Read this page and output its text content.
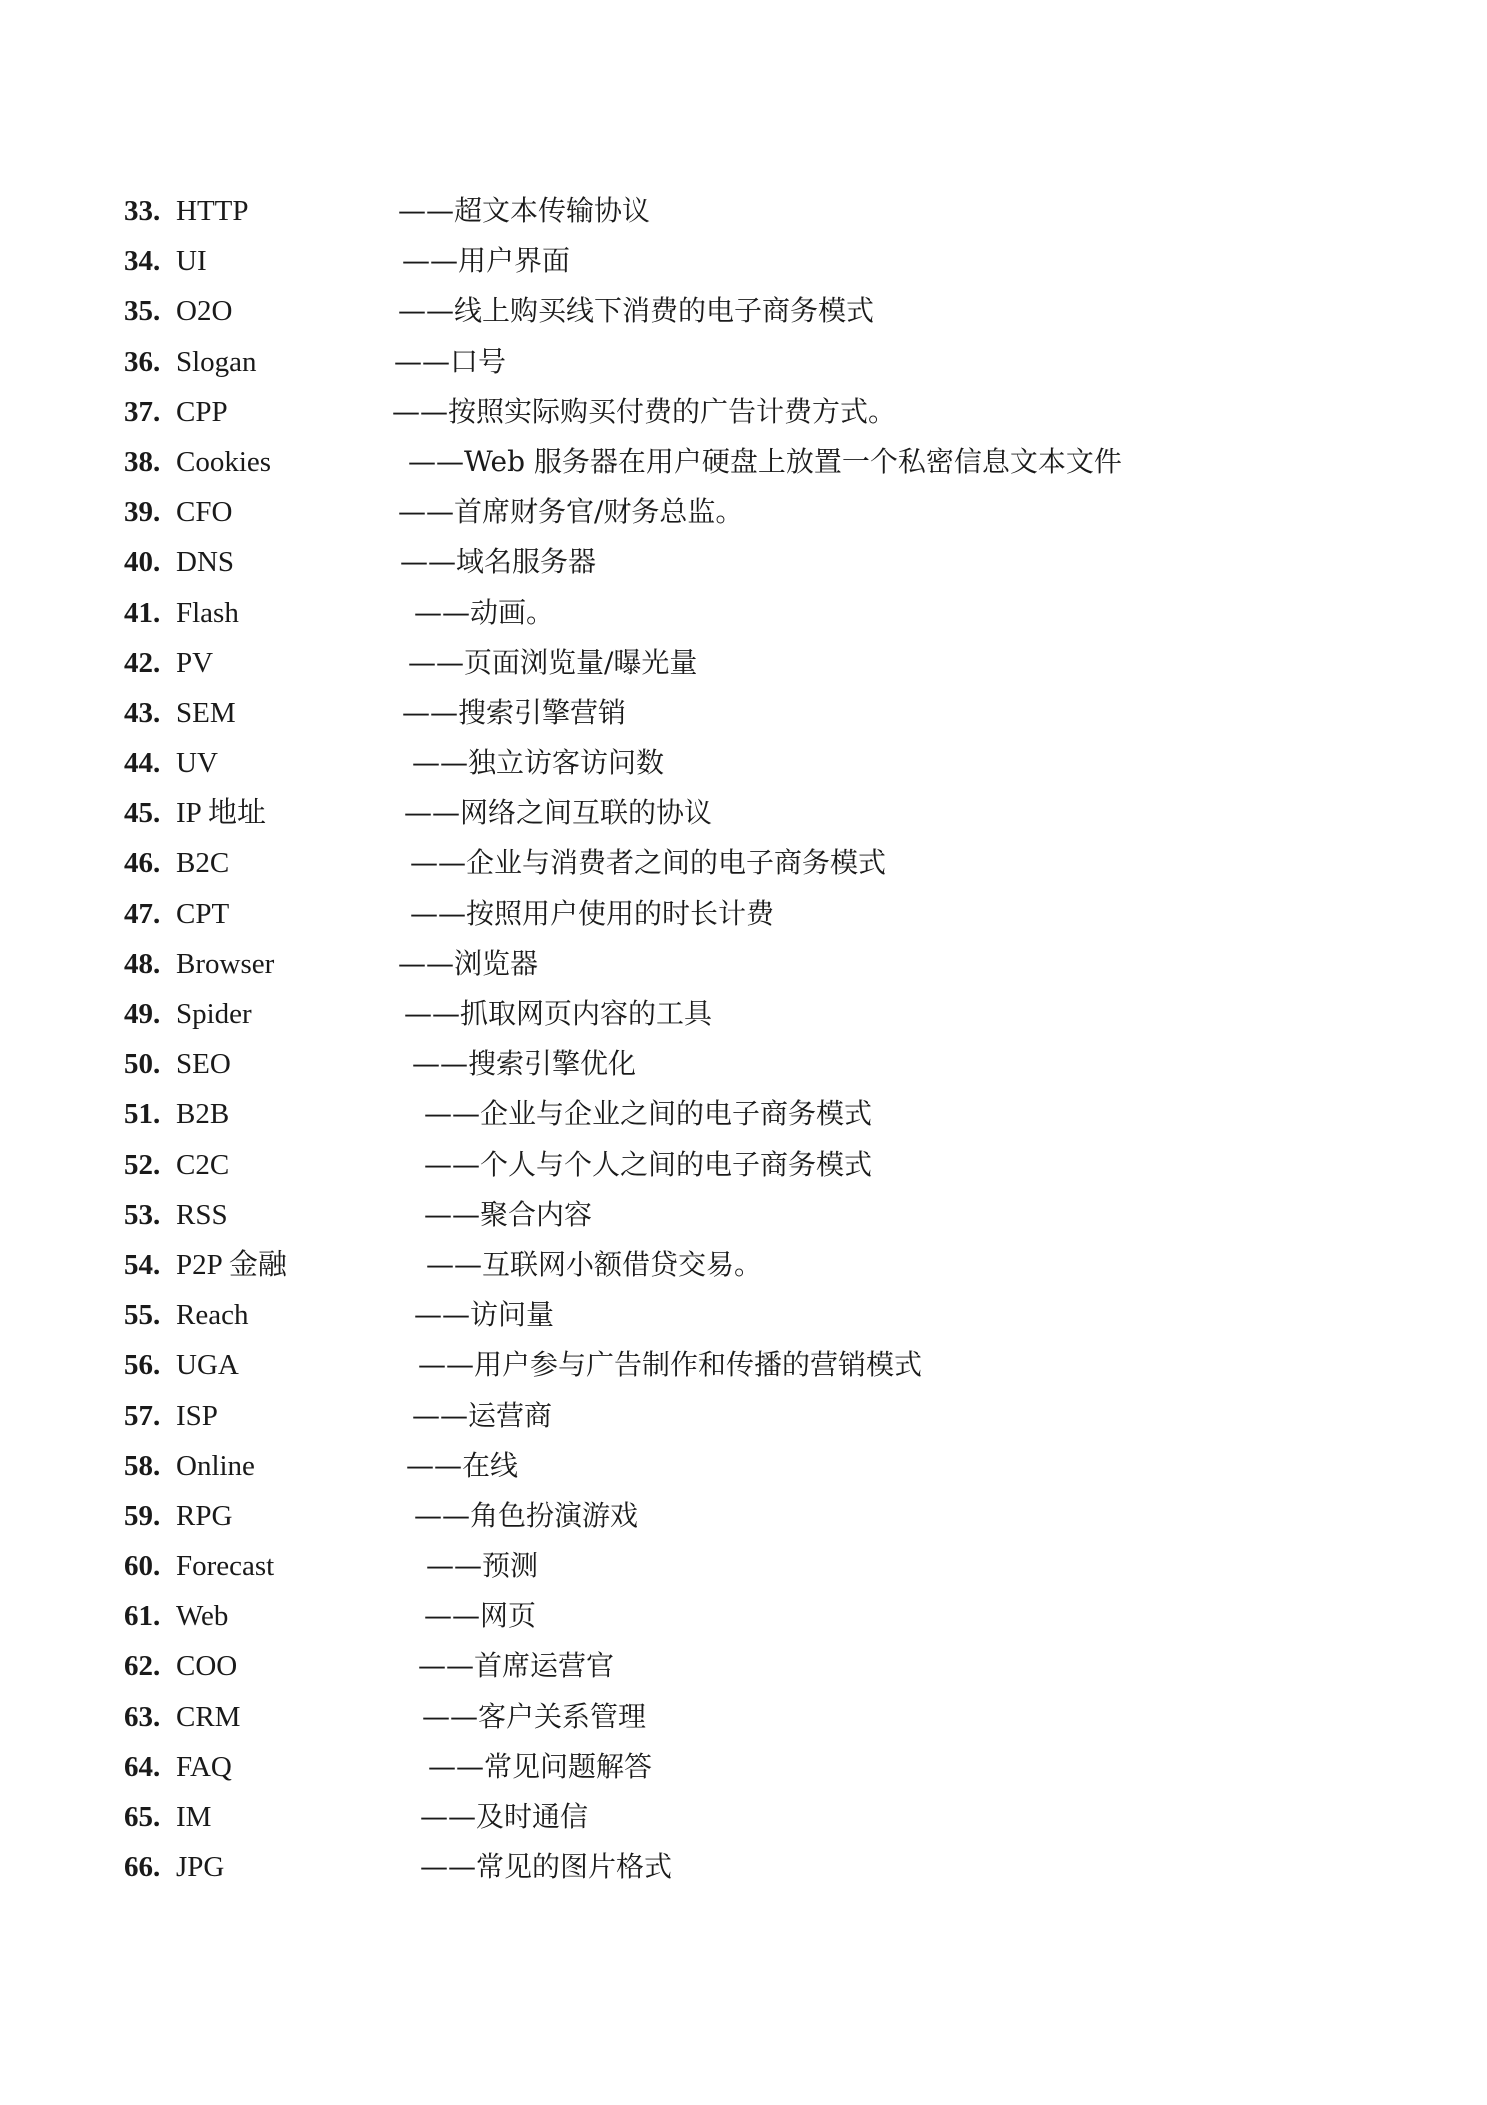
33. HTTP	——超文本传输协议
34. UI	——用户界面
35. O2O	——线上购买线下消费的电子商务模式
36. Slogan	——口号
37. CPP	——按照实际购买付费的广告计费方式。
38. Cookies	——Web 服务器在用户硬盘上放置一个私密信息文本文件
39. CFO	——首席财务官/财务总监。
40. DNS	——域名服务器
41. Flash	——动画。
42. PV	——页面浏览量/曝光量
43. SEM	——搜索引擎营销
44. UV	——独立访客访问数
45. IP 地址	——网络之间互联的协议
46. B2C	——企业与消费者之间的电子商务模式
47. CPT	——按照用户使用的时长计费
48. Browser	——浏览器
49. Spider	——抓取网页内容的工具
50. SEO	——搜索引擎优化
51. B2B	——企业与企业之间的电子商务模式
52. C2C	——个人与个人之间的电子商务模式
53. RSS	——聚合内容
54. P2P 金融	——互联网小额借贷交易。
55. Reach	——访问量
56. UGA	——用户参与广告制作和传播的营销模式
57. ISP	——运营商
58. Online	——在线
59. RPG	——角色扮演游戏
60. Forecast	——预测
61. Web	——网页
62. COO	——首席运营官
63. CRM	——客户关系管理
64. FAQ	——常见问题解答
65. IM	——及时通信
66. JPG	——常见的图片格式
